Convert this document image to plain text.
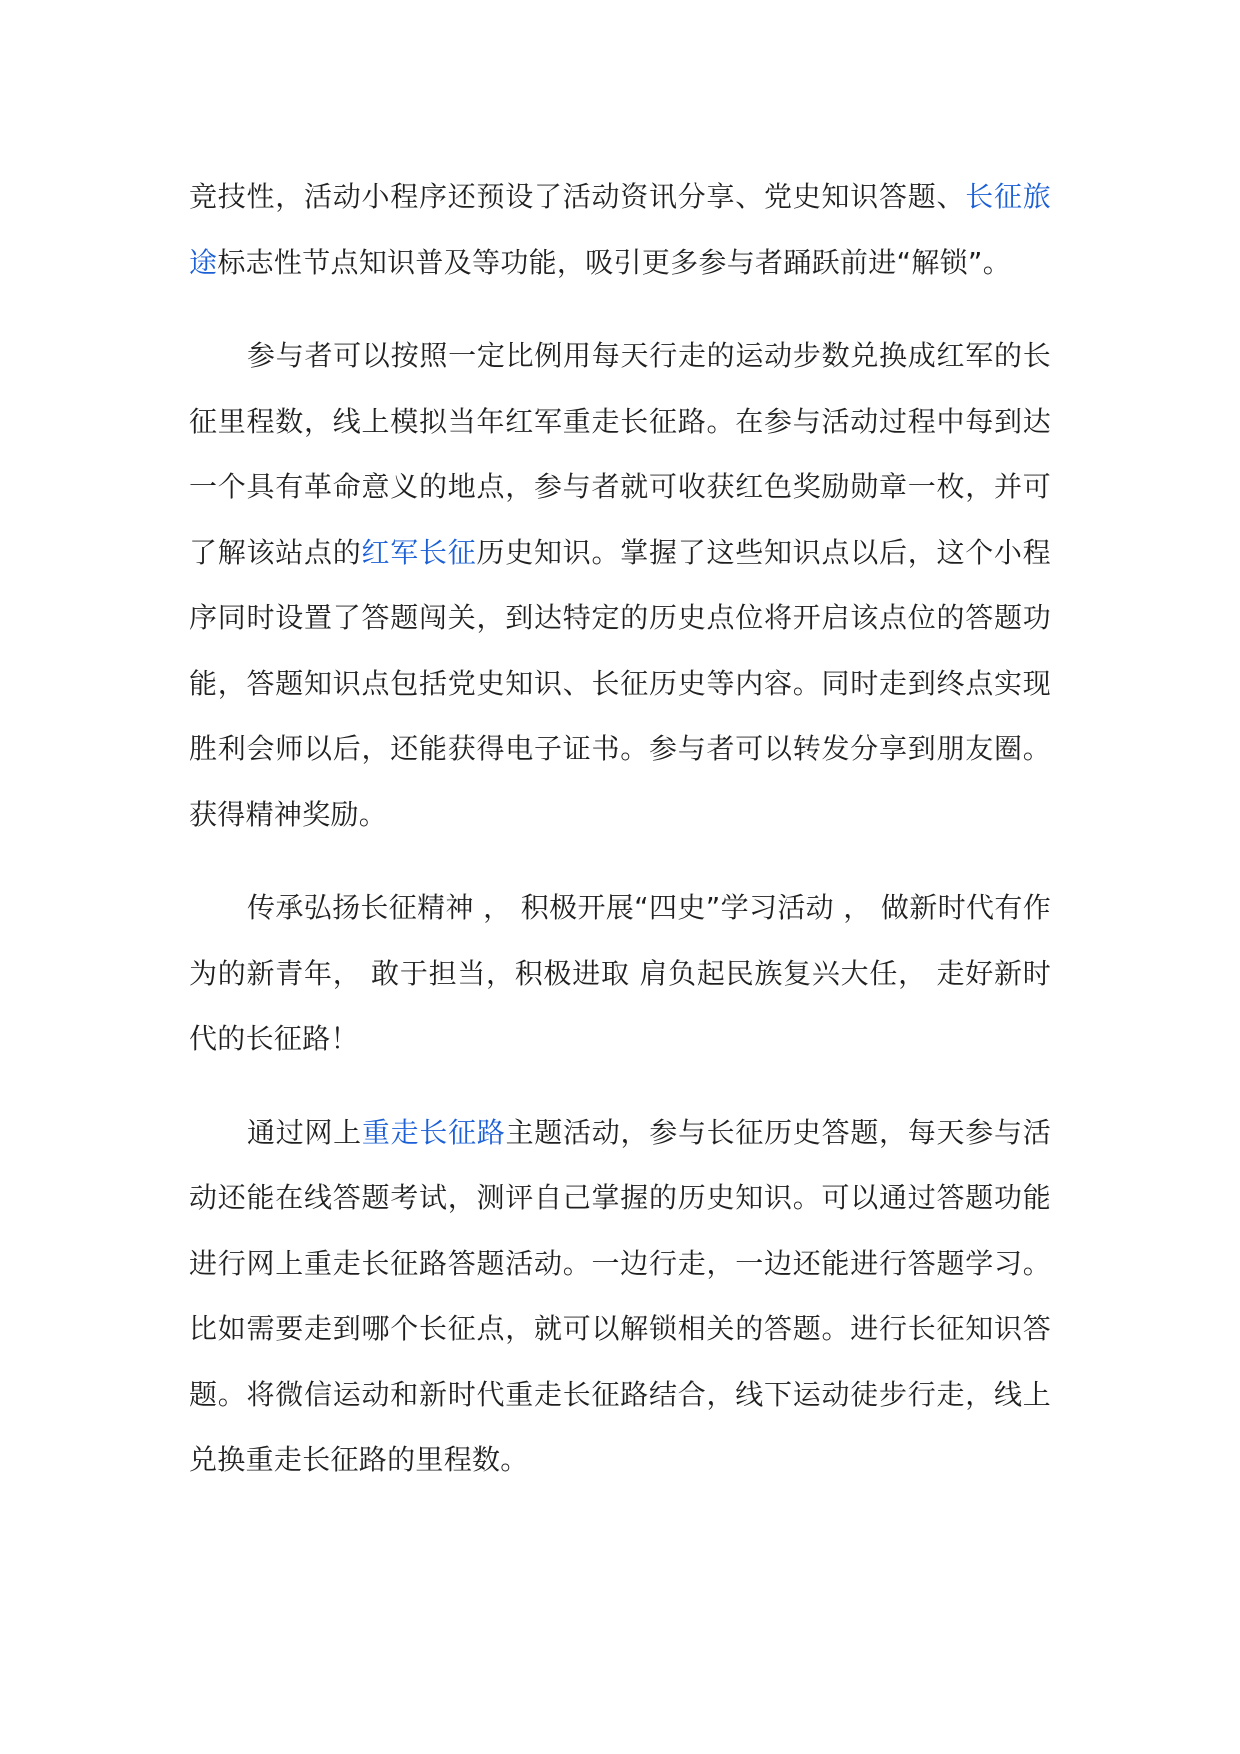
竞技性，活动小程序还预设了活动资讯分享、党史知识答题、长征旅途标志性节点知识普及等功能，吸引更多参与者踊跃前进“解锁”。

参与者可以按照一定比例用每天行走的运动步数兑换成红军的长征里程数，线上模拟当年红军重走长征路。在参与活动过程中每到达一个具有革命意义的地点，参与者就可收获红色奖励勋章一枚，并可了解该站点的红军长征历史知识。掌握了这些知识点以后，这个小程序同时设置了答题闯关，到达特定的历史点位将开启该点位的答题功能，答题知识点包括党史知识、长征历史等内容。同时走到终点实现胜利会师以后，还能获得电子证书。参与者可以转发分享到朋友圈。获得精神奖励。

传承弘扬长征精神 ， 积极开展“四史”学习活动 ， 做新时代有作为的新青年， 敢于担当，积极进取 肩负起民族复兴大任， 走好新时代的长征路！

通过网上重走长征路主题活动，参与长征历史答题，每天参与活动还能在线答题考试，测评自己掌握的历史知识。可以通过答题功能进行网上重走长征路答题活动。一边行走，一边还能进行答题学习。比如需要走到哪个长征点，就可以解锁相关的答题。进行长征知识答题。将微信运动和新时代重走长征路结合，线下运动徒步行走，线上兑换重走长征路的里程数。
